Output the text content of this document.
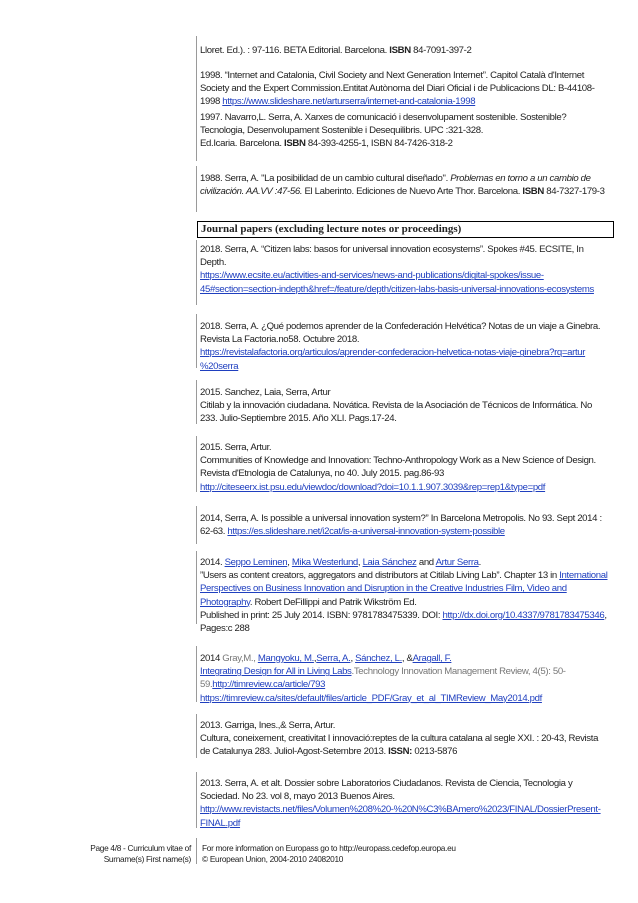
Lloret. Ed.). : 97-116. BETA Editorial. Barcelona. ISBN 84-7091-397-2
1998. “Internet and Catalonia, Civil Society and Next Generation Internet”. Capitol Català d'Internet
Society and the Expert Commission.Entitat Autònoma del Diari Oficial i de Publicacions DL: B-44108-
1998 https://www.slideshare.net/arturserra/internet-and-catalonia-1998
1997. Navarro,L. Serra, A. Xarxes de comunicació i desenvolupament sostenible. Sostenible?
Tecnologia, Desenvolupament Sostenible i Desequilibris. UPC :321-328.
Ed.Icaria. Barcelona. ISBN 84-393-4255-1, ISBN 84-7426-318-2
1988. Serra, A. "La posibilidad de un cambio cultural diseñado". Problemas en torno a un cambio de
civilización. AA.VV :47-56. El Laberinto. Ediciones de Nuevo Arte Thor. Barcelona. ISBN 84-7327-179-3
Journal papers (excluding lecture notes or proceedings)
2018. Serra, A. “Citizen labs: basos for universal innovation ecosystems”. Spokes #45. ECSITE, In
Depth.
https://www.ecsite.eu/activities-and-services/news-and-publications/digital-spokes/issue-
45#section=section-indepth&href=/feature/depth/citizen-labs-basis-universal-innovations-ecosystems
2018. Serra, A. ¿Qué podemos aprender de la Confederación Helvética? Notas de un viaje a Ginebra.
Revista La Factoria.no58. Octubre 2018.
https://revistalafactoria.org/articulos/aprender-confederacion-helvetica-notas-viaje-ginebra?rq=artur
%20serra
2015. Sanchez, Laia, Serra, Artur
Citilab y la innovación ciudadana. Novática. Revista de la Asociación de Técnicos de Informática. No
233. Julio-Septiembre 2015. Año XLI. Pags.17-24.
2015. Serra, Artur.
Communities of Knowledge and Innovation: Techno-Anthropology Work as a New Science of Design.
Revista d'Etnologia de Catalunya, no 40. July 2015. pag.86-93
http://citeseerx.ist.psu.edu/viewdoc/download?doi=10.1.1.907.3039&rep=rep1&type=pdf
2014, Serra, A. Is possible a universal innovation system?” In Barcelona Metropolis. No 93. Sept 2014 :
62-63. https://es.slideshare.net/i2cat/is-a-universal-innovation-system-possible
2014. Seppo Leminen, Mika Westerlund, Laia Sánchez and Artur Serra.
”Users as content creators, aggregators and distributors at Citilab Living Lab”. Chapter 13 in International
Perspectives on Business Innovation and Disruption in the Creative Industries Film, Video and
Photography. Robert DeFillippi and Patrik Wikström Ed.
Published in print: 25 July 2014. ISBN: 9781783475339. DOI: http://dx.doi.org/10.4337/9781783475346,
Pages:c 288
2014 Gray,M., Mangyoku, M.,Serra, A., Sánchez, L., &Aragall, F.
Integrating Design for All in Living Labs.Technology Innovation Management Review, 4(5): 50-
59.http://timreview.ca/article/793
https://timreview.ca/sites/default/files/article_PDF/Gray_et_al_TIMReview_May2014.pdf
2013. Garriga, Ines.,& Serra, Artur.
Cultura, coneixement, creativitat I innovació:reptes de la cultura catalana al segle XXI. : 20-43, Revista
de Catalunya 283. Juliol-Agost-Setembre 2013. ISSN: 0213-5876
2013. Serra, A. et alt. Dossier sobre Laboratorios Ciudadanos. Revista de Ciencia, Tecnologia y
Sociedad. No 23. vol 8, mayo 2013 Buenos Aires.
http://www.revistacts.net/files/Volumen%208%20-%20N%C3%BAmero%2023/FINAL/DossierPresent-
FINAL.pdf
Page 4/8 - Curriculum vitae of
Surname(s) First name(s)
For more information on Europass go to http://europass.cedefop.europa.eu
© European Union, 2004-2010 24082010
